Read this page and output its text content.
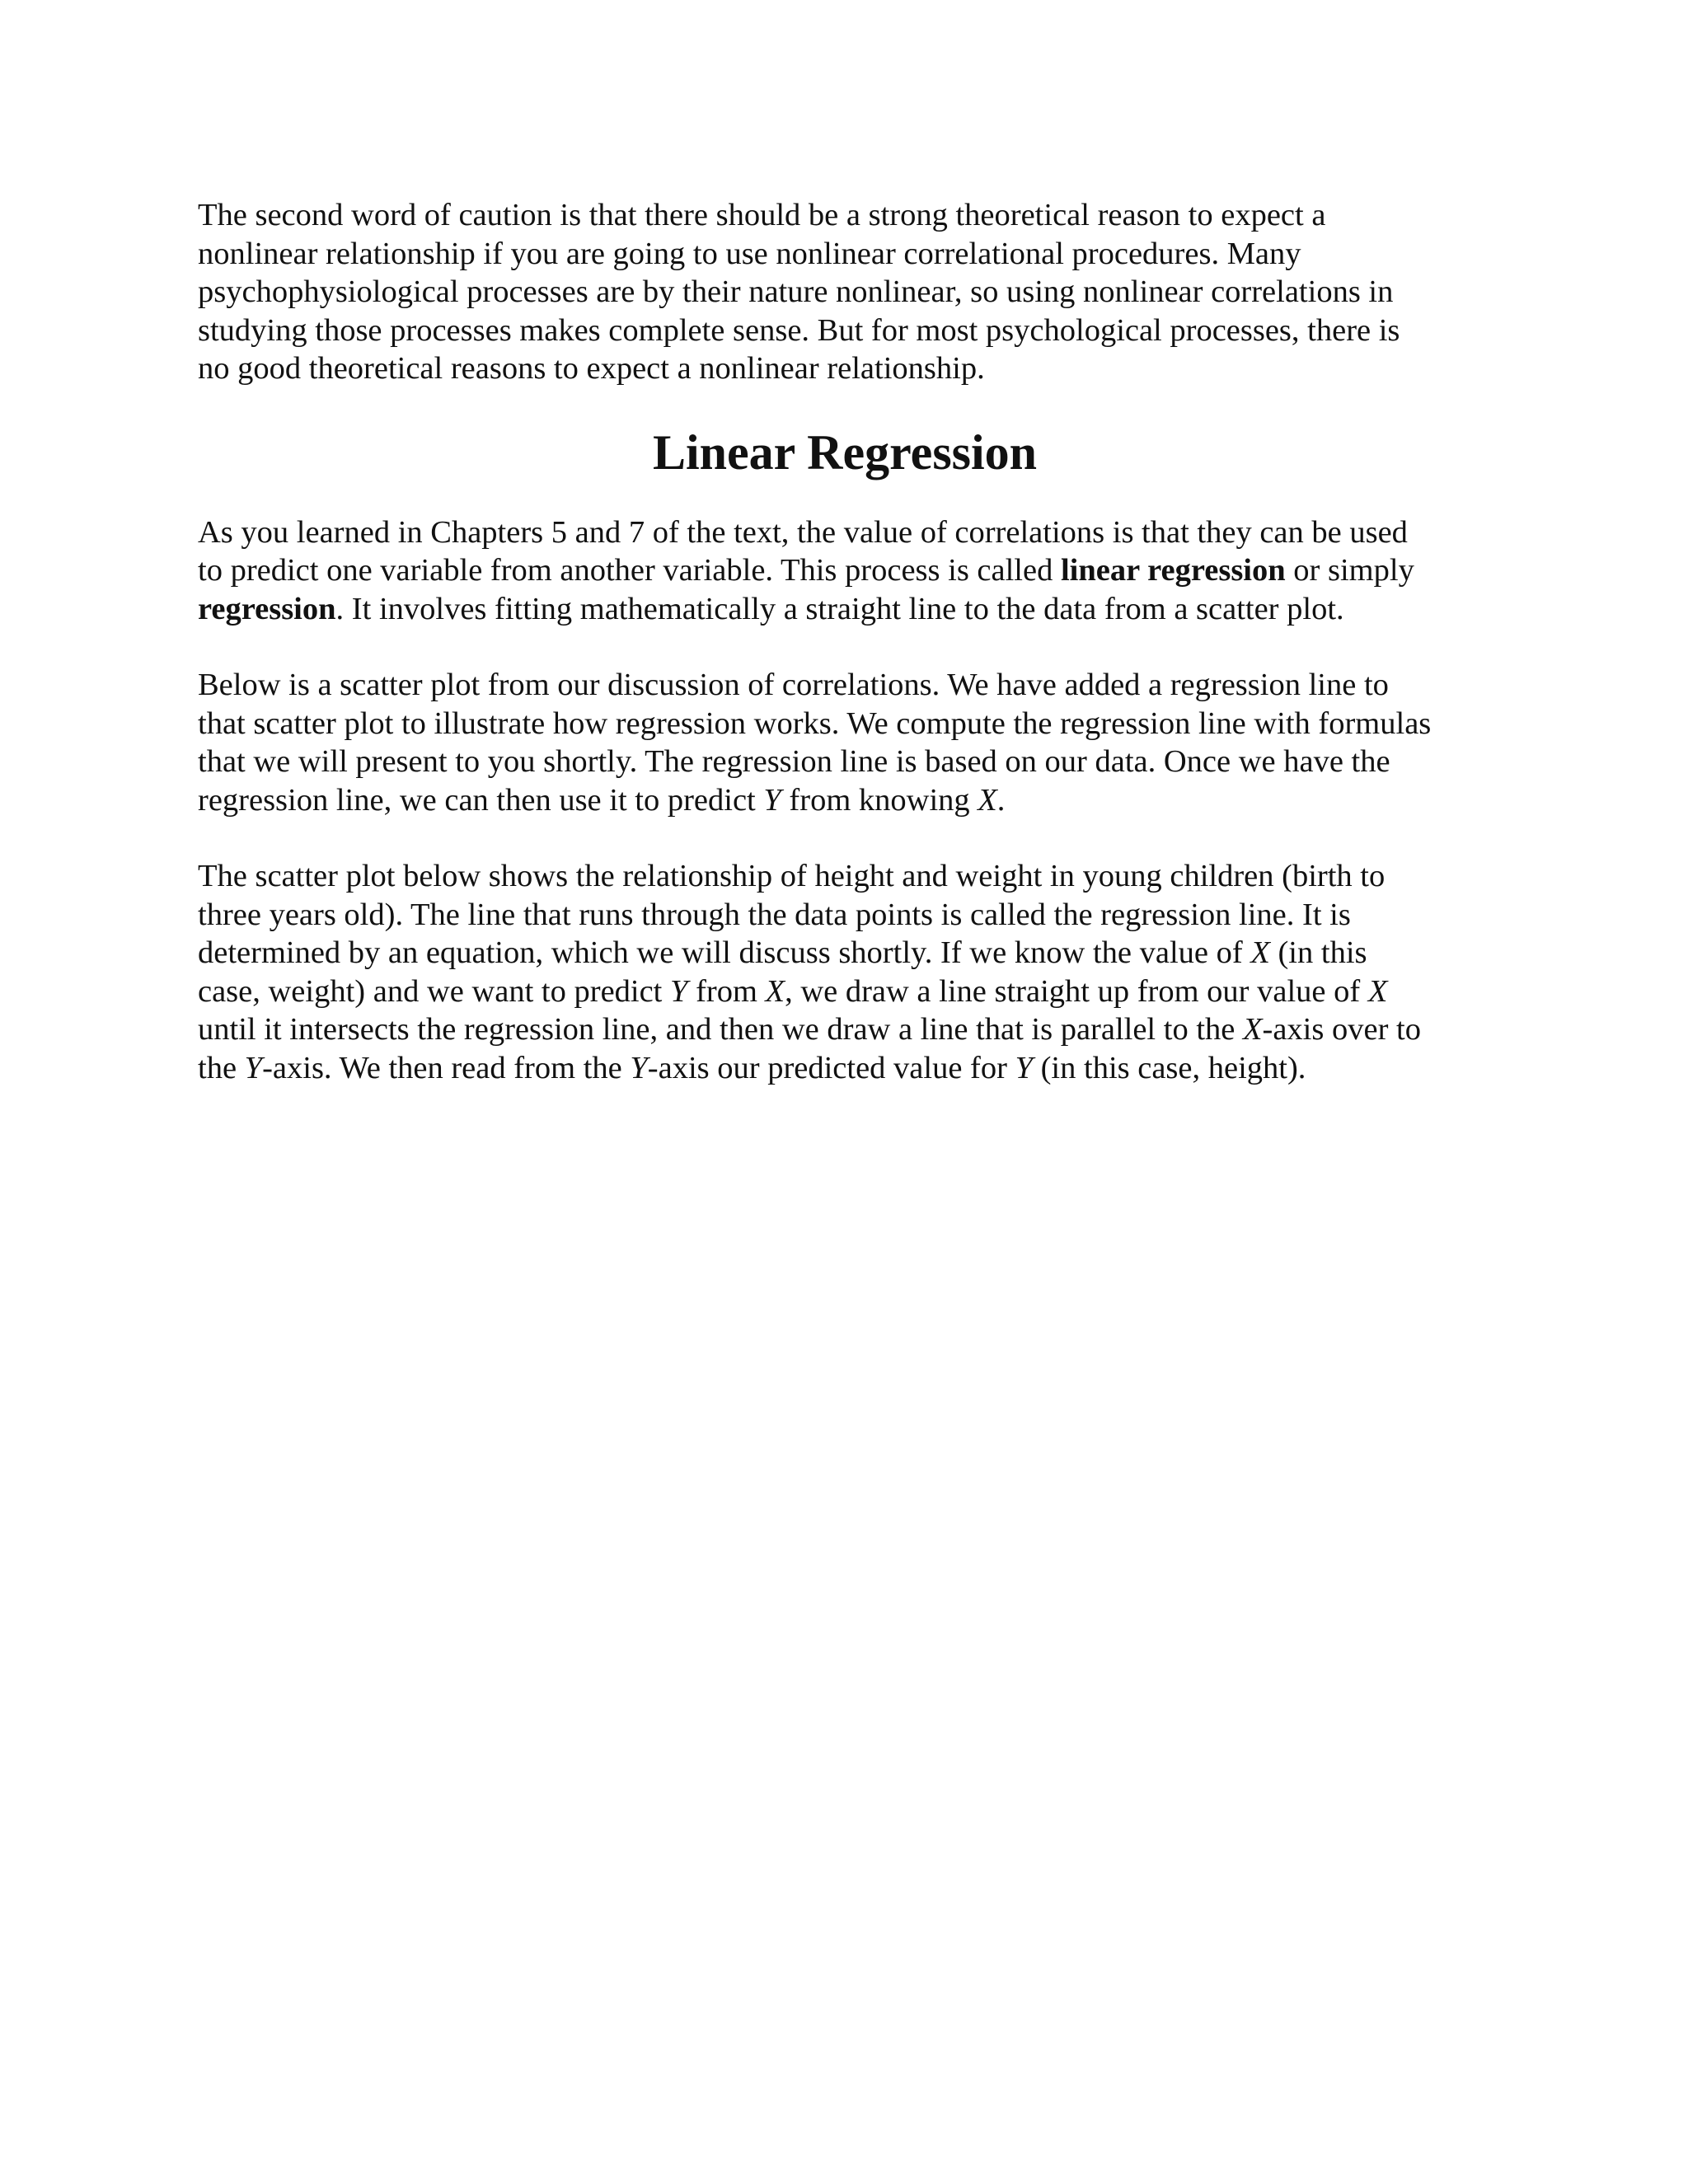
The second word of caution is that there should be a strong theoretical reason to expect a
nonlinear relationship if you are going to use nonlinear correlational procedures. Many
psychophysiological processes are by their nature nonlinear, so using nonlinear correlations in
studying those processes makes complete sense. But for most psychological processes, there is
no good theoretical reasons to expect a nonlinear relationship.

Linear Regression

As you learned in Chapters 5 and 7 of the text, the value of correlations is that they can be used
to predict one variable from another variable. This process is called linear regression or simply
regression. It involves fitting mathematically a straight line to the data from a scatter plot.

Below is a scatter plot from our discussion of correlations. We have added a regression line to
that scatter plot to illustrate how regression works. We compute the regression line with formulas
that we will present to you shortly. The regression line is based on our data. Once we have the
regression line, we can then use it to predict Y from knowing X.

The scatter plot below shows the relationship of height and weight in young children (birth to
three years old). The line that runs through the data points is called the regression line. It is
determined by an equation, which we will discuss shortly. If we know the value of X (in this
case, weight) and we want to predict Y from X, we draw a line straight up from our value of X
until it intersects the regression line, and then we draw a line that is parallel to the X-axis over to
the Y-axis. We then read from the Y-axis our predicted value for Y (in this case, height).
